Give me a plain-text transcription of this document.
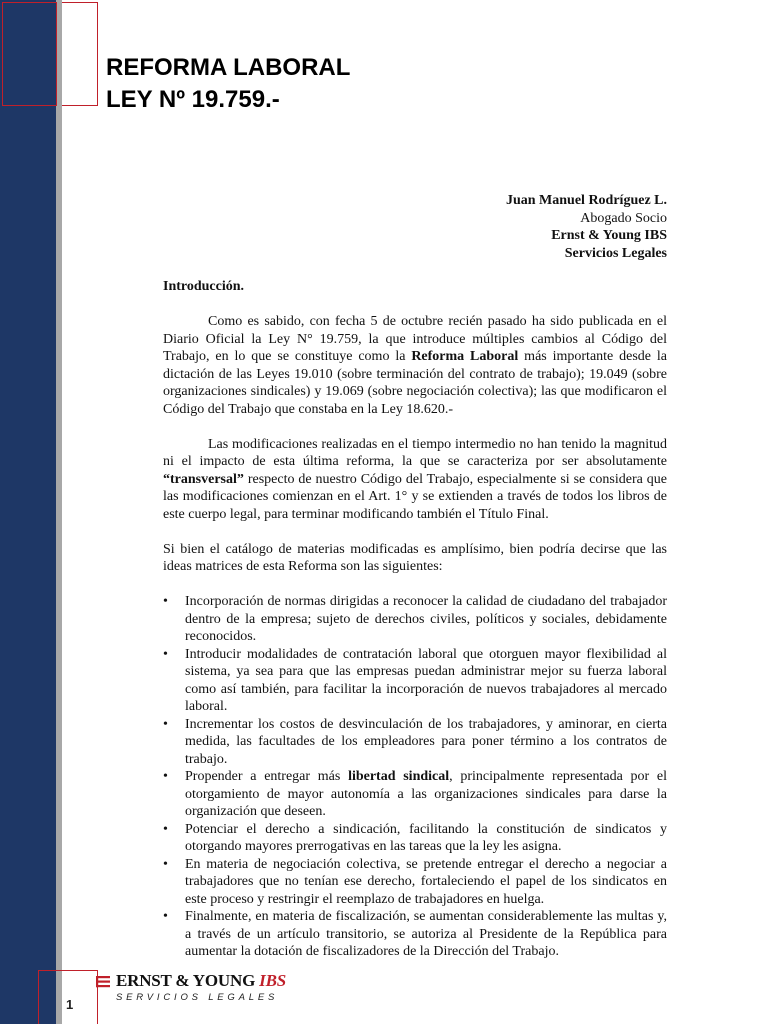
REFORMA LABORAL
LEY Nº 19.759.-
Juan Manuel Rodríguez L.
Abogado Socio
Ernst & Young IBS
Servicios Legales
Introducción.

Como es sabido, con fecha 5 de octubre recién pasado ha sido publicada en el Diario Oficial la Ley N° 19.759, la que introduce múltiples cambios al Código del Trabajo, en lo que se constituye como la Reforma Laboral más importante desde la dictación de las Leyes 19.010 (sobre terminación del contrato de trabajo); 19.049 (sobre organizaciones sindicales) y 19.069 (sobre negociación colectiva); las que modificaron el Código del Trabajo que constaba en la Ley 18.620.-

Las modificaciones realizadas en el tiempo intermedio no han tenido la magnitud ni el impacto de esta última reforma, la que se caracteriza por ser absolutamente “transversal” respecto de nuestro Código del Trabajo, especialmente si se considera que las modificaciones comienzan en el Art. 1° y se extienden a través de todos los libros de este cuerpo legal, para terminar modificando también el Título Final.

Si bien el catálogo de materias modificadas es amplísimo, bien podría decirse que las ideas matrices de esta Reforma son las siguientes:

• Incorporación de normas dirigidas a reconocer la calidad de ciudadano del trabajador dentro de la empresa; sujeto de derechos civiles, políticos y sociales, debidamente reconocidos.
• Introducir modalidades de contratación laboral que otorguen mayor flexibilidad al sistema, ya sea para que las empresas puedan administrar mejor su fuerza laboral como así también, para facilitar la incorporación de nuevos trabajadores al mercado laboral.
• Incrementar los costos de desvinculación de los trabajadores, y aminorar, en cierta medida, las facultades de los empleadores para poner término a los contratos de trabajo.
• Propender a entregar más libertad sindical, principalmente representada por el otorgamiento de mayor autonomía a las organizaciones sindicales para darse la organización que deseen.
• Potenciar el derecho a sindicación, facilitando la constitución de sindicatos y otorgando mayores prerrogativas en las tareas que la ley les asigna.
• En materia de negociación colectiva, se pretende entregar el derecho a negociar a trabajadores que no tenían ese derecho, fortaleciendo el papel de los sindicatos en este proceso y restringir el reemplazo de trabajadores en huelga.
• Finalmente, en materia de fiscalización, se aumentan considerablemente las multas y, a través de un artículo transitorio, se autoriza al Presidente de la República para aumentar la dotación de fiscalizadores de la Dirección del Trabajo.
ERNST & YOUNG IBS
SERVICIOS LEGALES
1
